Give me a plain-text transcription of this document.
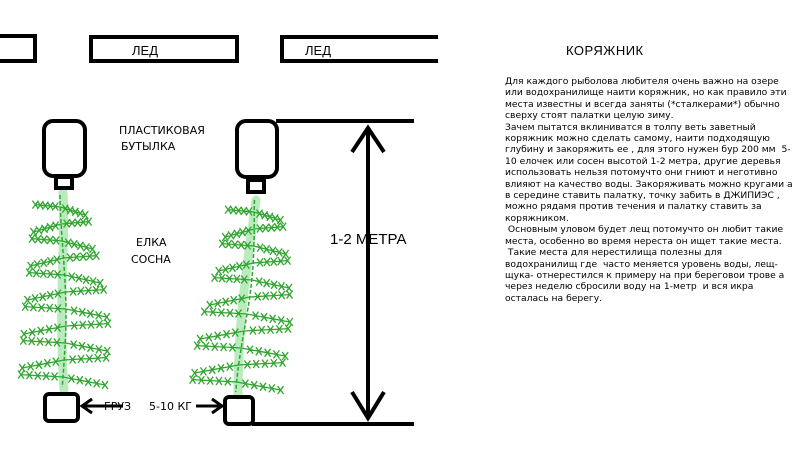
ЛЕД	ЛЕД
ПЛАСТИКОВАЯ
БУТЫЛКА
ЕЛКА
СОСНА
ГРУЗ 5-10 КГ
1-2 МЕТРА
КОРЯЖНИК

Для каждого рыболова любителя очень важно на озере или водохранилище наити коряжник, но как правило эти места известны и всегда заняты (*сталкерами*) обычно сверху стоят палатки целую зиму.

Зачем пытатся вклиниватся в толпу веть заветный коряжник можно сделать самому, наити подходящую глубину и закоряжить ее , для этого нужен бур 200 мм  5-10 елочек или сосен высотой 1-2 метра, другие деревья использовать нельзя потомучто они гниют и неготивно влияют на качество воды. Закоряживать можно кругами а в середине ставить палатку, точку забить в ДЖИПИЭС , можно рядамя против течения и палатку ставить за коряжником.

Основным уловом будет лещ потомучто он любит такие места, особенно во время нереста он ищет такие места.

Такие места для нерестилища полезны для водохранилищ где  часто меняется уровень воды, лещ- щука- отнерестился к примеру на при береговои трове а через неделю сбросили воду на 1-метр  и вся икра осталась на берегу.
